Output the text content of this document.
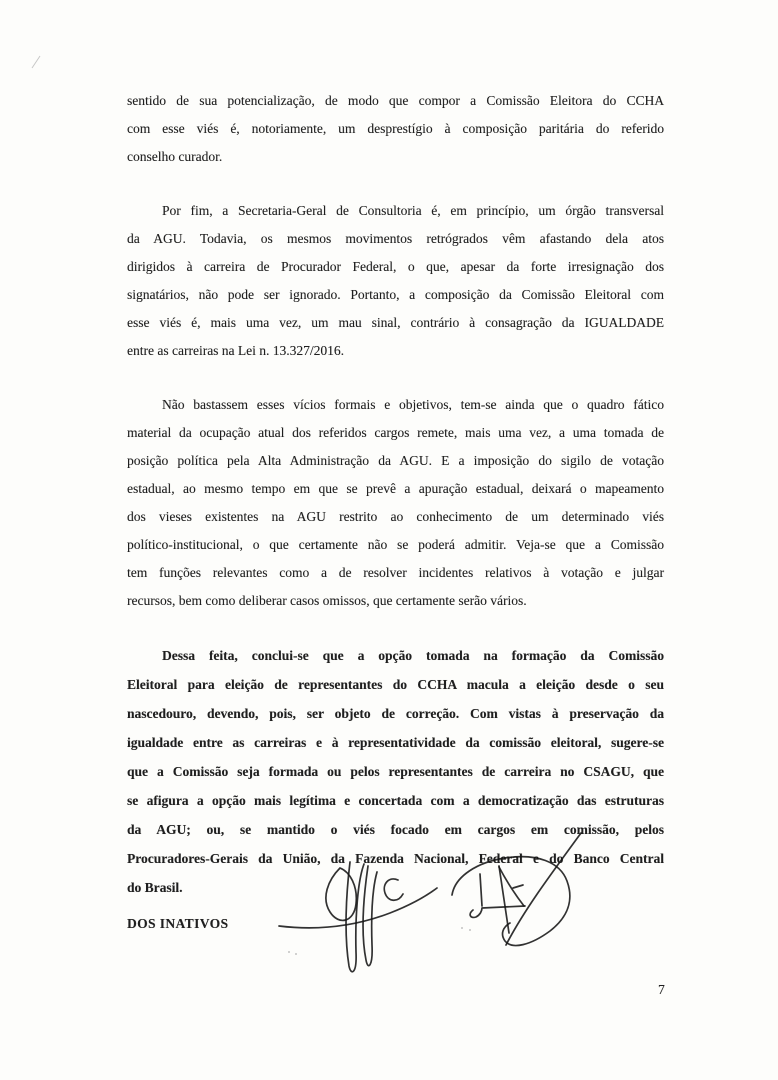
sentido de sua potencialização, de modo que compor a Comissão Eleitora do CCHA
com esse viés é, notoriamente, um desprestígio à composição paritária do referido
conselho curador.
Por fim, a Secretaria-Geral de Consultoria é, em princípio, um órgão transversal
da AGU. Todavia, os mesmos movimentos retrógrados vêm afastando dela atos
dirigidos à carreira de Procurador Federal, o que, apesar da forte irresignação dos
signatários, não pode ser ignorado. Portanto, a composição da Comissão Eleitoral com
esse viés é, mais uma vez, um mau sinal, contrário à consagração da IGUALDADE
entre as carreiras na Lei n. 13.327/2016.
Não bastassem esses vícios formais e objetivos, tem-se ainda que o quadro fático
material da ocupação atual dos referidos cargos remete, mais uma vez, a uma tomada de
posição política pela Alta Administração da AGU. E a imposição do sigilo de votação
estadual, ao mesmo tempo em que se prevê a apuração estadual, deixará o mapeamento
dos vieses existentes na AGU restrito ao conhecimento de um determinado viés
político-institucional, o que certamente não se poderá admitir. Veja-se que a Comissão
tem funções relevantes como a de resolver incidentes relativos à votação e julgar
recursos, bem como deliberar casos omissos, que certamente serão vários.
Dessa feita, conclui-se que a opção tomada na formação da Comissão
Eleitoral para eleição de representantes do CCHA macula a eleição desde o seu
nascedouro, devendo, pois, ser objeto de correção. Com vistas à preservação da
igualdade entre as carreiras e à representatividade da comissão eleitoral, sugere-se
que a Comissão seja formada ou pelos representantes de carreira no CSAGU, que
se afigura a opção mais legítima e concertada com a democratização das estruturas
da AGU; ou, se mantido o viés focado em cargos em comissão, pelos
Procuradores-Gerais da União, da Fazenda Nacional, Federal e do Banco Central
do Brasil.
DOS INATIVOS
7
